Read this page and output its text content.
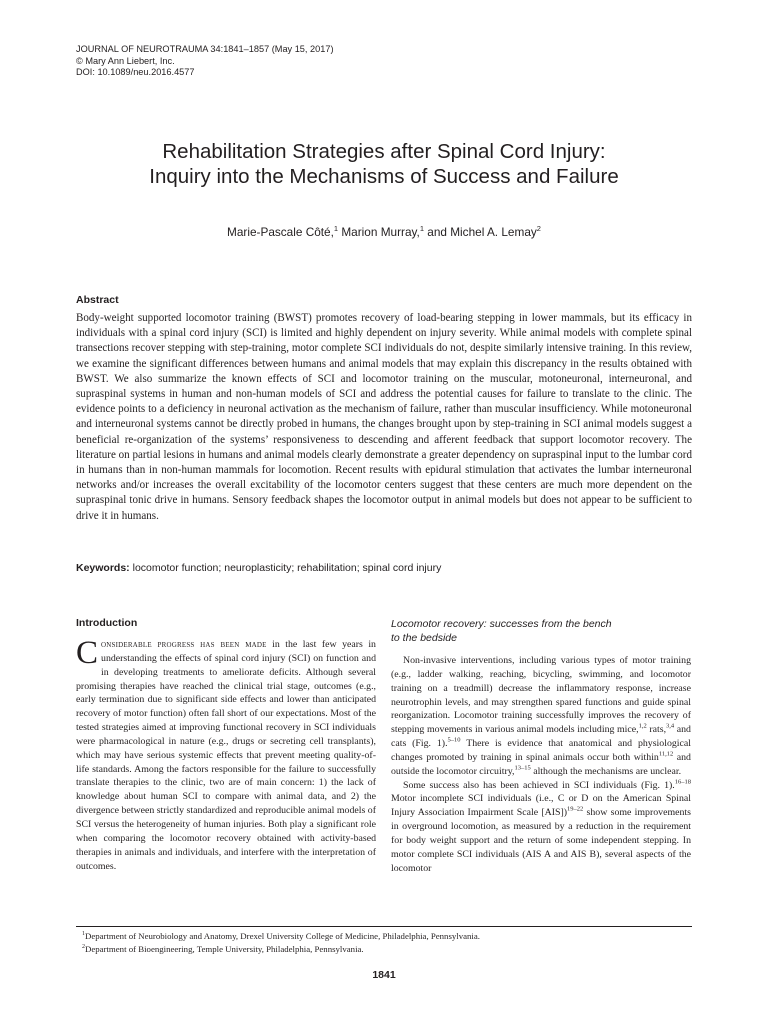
JOURNAL OF NEUROTRAUMA 34:1841–1857 (May 15, 2017)
© Mary Ann Liebert, Inc.
DOI: 10.1089/neu.2016.4577
Rehabilitation Strategies after Spinal Cord Injury:
Inquiry into the Mechanisms of Success and Failure
Marie-Pascale Côté,$^1$ Marion Murray,$^1$ and Michel A. Lemay$^2$
Abstract

Body-weight supported locomotor training (BWST) promotes recovery of load-bearing stepping in lower mammals, but its efficacy in individuals with a spinal cord injury (SCI) is limited and highly dependent on injury severity. While animal models with complete spinal transections recover stepping with step-training, motor complete SCI individuals do not, despite similarly intensive training. In this review, we examine the significant differences between humans and animal models that may explain this discrepancy in the results obtained with BWST. We also summarize the known effects of SCI and locomotor training on the muscular, motoneuronal, interneuronal, and supraspinal systems in human and non-human models of SCI and address the potential causes for failure to translate to the clinic. The evidence points to a deficiency in neuronal activation as the mechanism of failure, rather than muscular insufficiency. While motoneuronal and interneuronal systems cannot be directly probed in humans, the changes brought upon by step-training in SCI animal models suggest a beneficial re-organization of the systems’ responsiveness to descending and afferent feedback that support locomotor recovery. The literature on partial lesions in humans and animal models clearly demonstrate a greater dependency on supraspinal input to the lumbar cord in humans than in non-human mammals for locomotion. Recent results with epidural stimulation that activates the lumbar interneuronal networks and/or increases the overall excitability of the locomotor centers suggest that these centers are much more dependent on the supraspinal tonic drive in humans. Sensory feedback shapes the locomotor output in animal models but does not appear to be sufficient to drive it in humans.

Keywords: locomotor function; neuroplasticity; rehabilitation; spinal cord injury
Introduction

Considerable progress has been made in the last few years in understanding the effects of spinal cord injury (SCI) on function and in developing treatments to ameliorate deficits. Although several promising therapies have reached the clinical trial stage, outcomes (e.g., early termination due to significant side effects and lower than anticipated recovery of motor function) often fall short of our expectations. Most of the tested strategies aimed at improving functional recovery in SCI individuals were pharmacological in nature (e.g., drugs or secreting cell transplants), which may have serious systemic effects that prevent meeting quality-of-life standards. Among the factors responsible for the failure to successfully translate therapies to the clinic, two are of main concern: 1) the lack of knowledge about human SCI to compare with animal data, and 2) the divergence between strictly standardized and reproducible animal models of SCI versus the heterogeneity of human injuries. Both play a significant role when comparing the locomotor recovery obtained with activity-based therapies in animals and individuals, and interfere with the interpretation of outcomes.

Locomotor recovery: successes from the bench
to the bedside

Non-invasive interventions, including various types of motor training (e.g., ladder walking, reaching, bicycling, swimming, and locomotor training on a treadmill) decrease the inflammatory response, increase neurotrophin levels, and may strengthen spared functions and guide spinal reorganization. Locomotor training successfully improves the recovery of stepping movements in various animal models including mice,$^{1,2}$ rats,$^{3,4}$ and cats (Fig. 1).$^{5-10}$ There is evidence that anatomical and physiological changes promoted by training in spinal animals occur both within$^{11,12}$ and outside the locomotor circuitry,$^{13-15}$ although the mechanisms are unclear.

Some success also has been achieved in SCI individuals (Fig. 1).$^{16-18}$ Motor incomplete SCI individuals (i.e., C or D on the American Spinal Injury Association Impairment Scale [AIS])$^{19-22}$ show some improvements in overground locomotion, as measured by a reduction in the requirement for body weight support and the return of some independent stepping. In motor complete SCI individuals (AIS A and AIS B), several aspects of the locomotor

$^1$Department of Neurobiology and Anatomy, Drexel University College of Medicine, Philadelphia, Pennsylvania.
$^2$Department of Bioengineering, Temple University, Philadelphia, Pennsylvania.
1841
